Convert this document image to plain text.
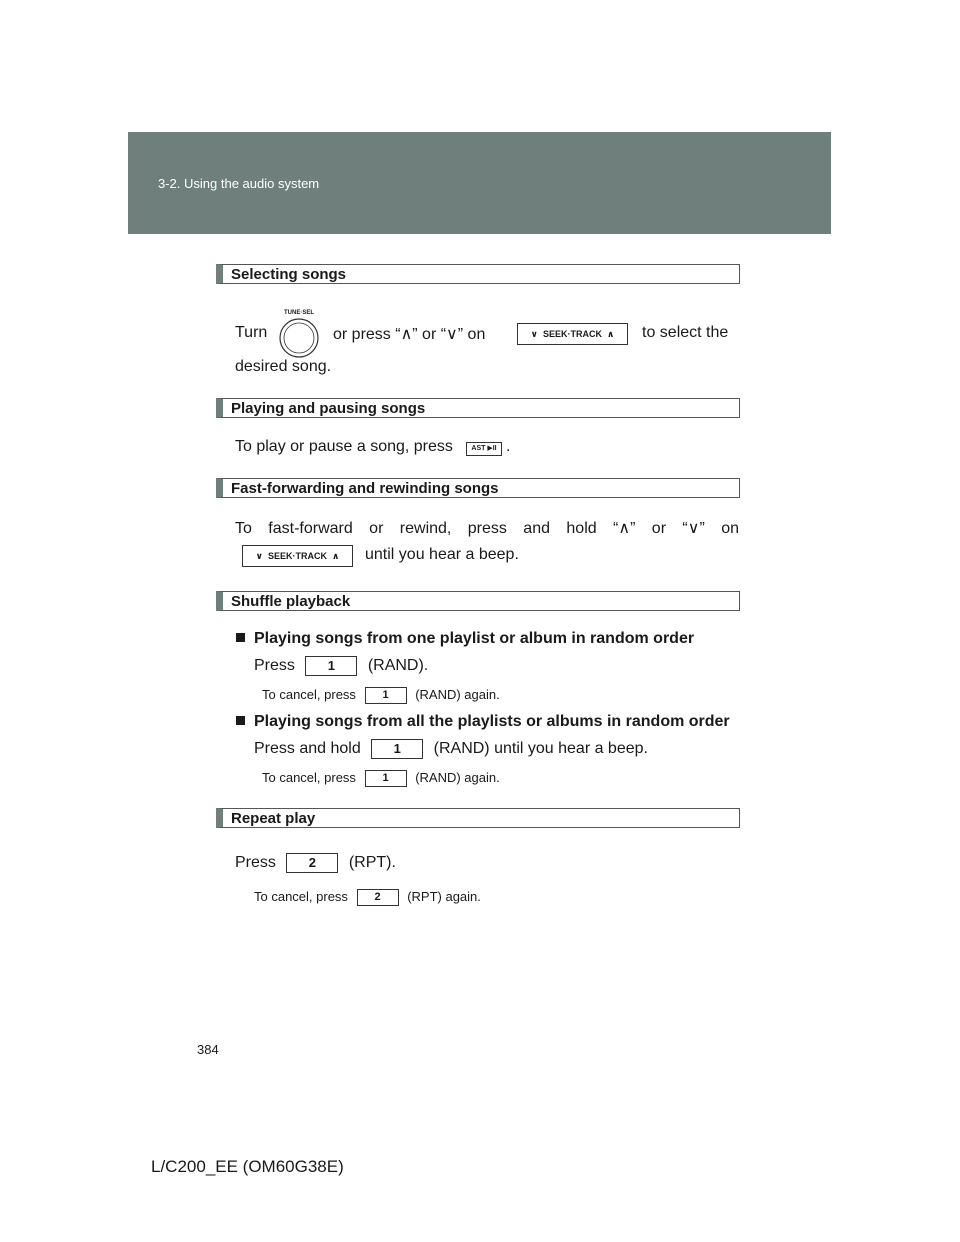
3-2. Using the audio system
Selecting songs
Turn
TUNE·SEL
or press “∧” or “∨” on	∨ SEEK·TRACK ∧	to select the
desired song.
Playing and pausing songs
To play or pause a song, press	AST ▶II .
Fast-forwarding and rewinding songs
To fast-forward or rewind, press and hold “∧” or “∨” on
∨ SEEK·TRACK ∧	until you hear a beep.
Shuffle playback
Playing songs from one playlist or album in random order
Press	1 (RAND).
To cancel, press 1 (RAND) again.
Playing songs from all the playlists or albums in random order
Press and hold	1 (RAND) until you hear a beep.
To cancel, press 1 (RAND) again.
Repeat play
Press	2 (RPT).
To cancel, press 2 (RPT) again.
384
L/C200_EE (OM60G38E)
